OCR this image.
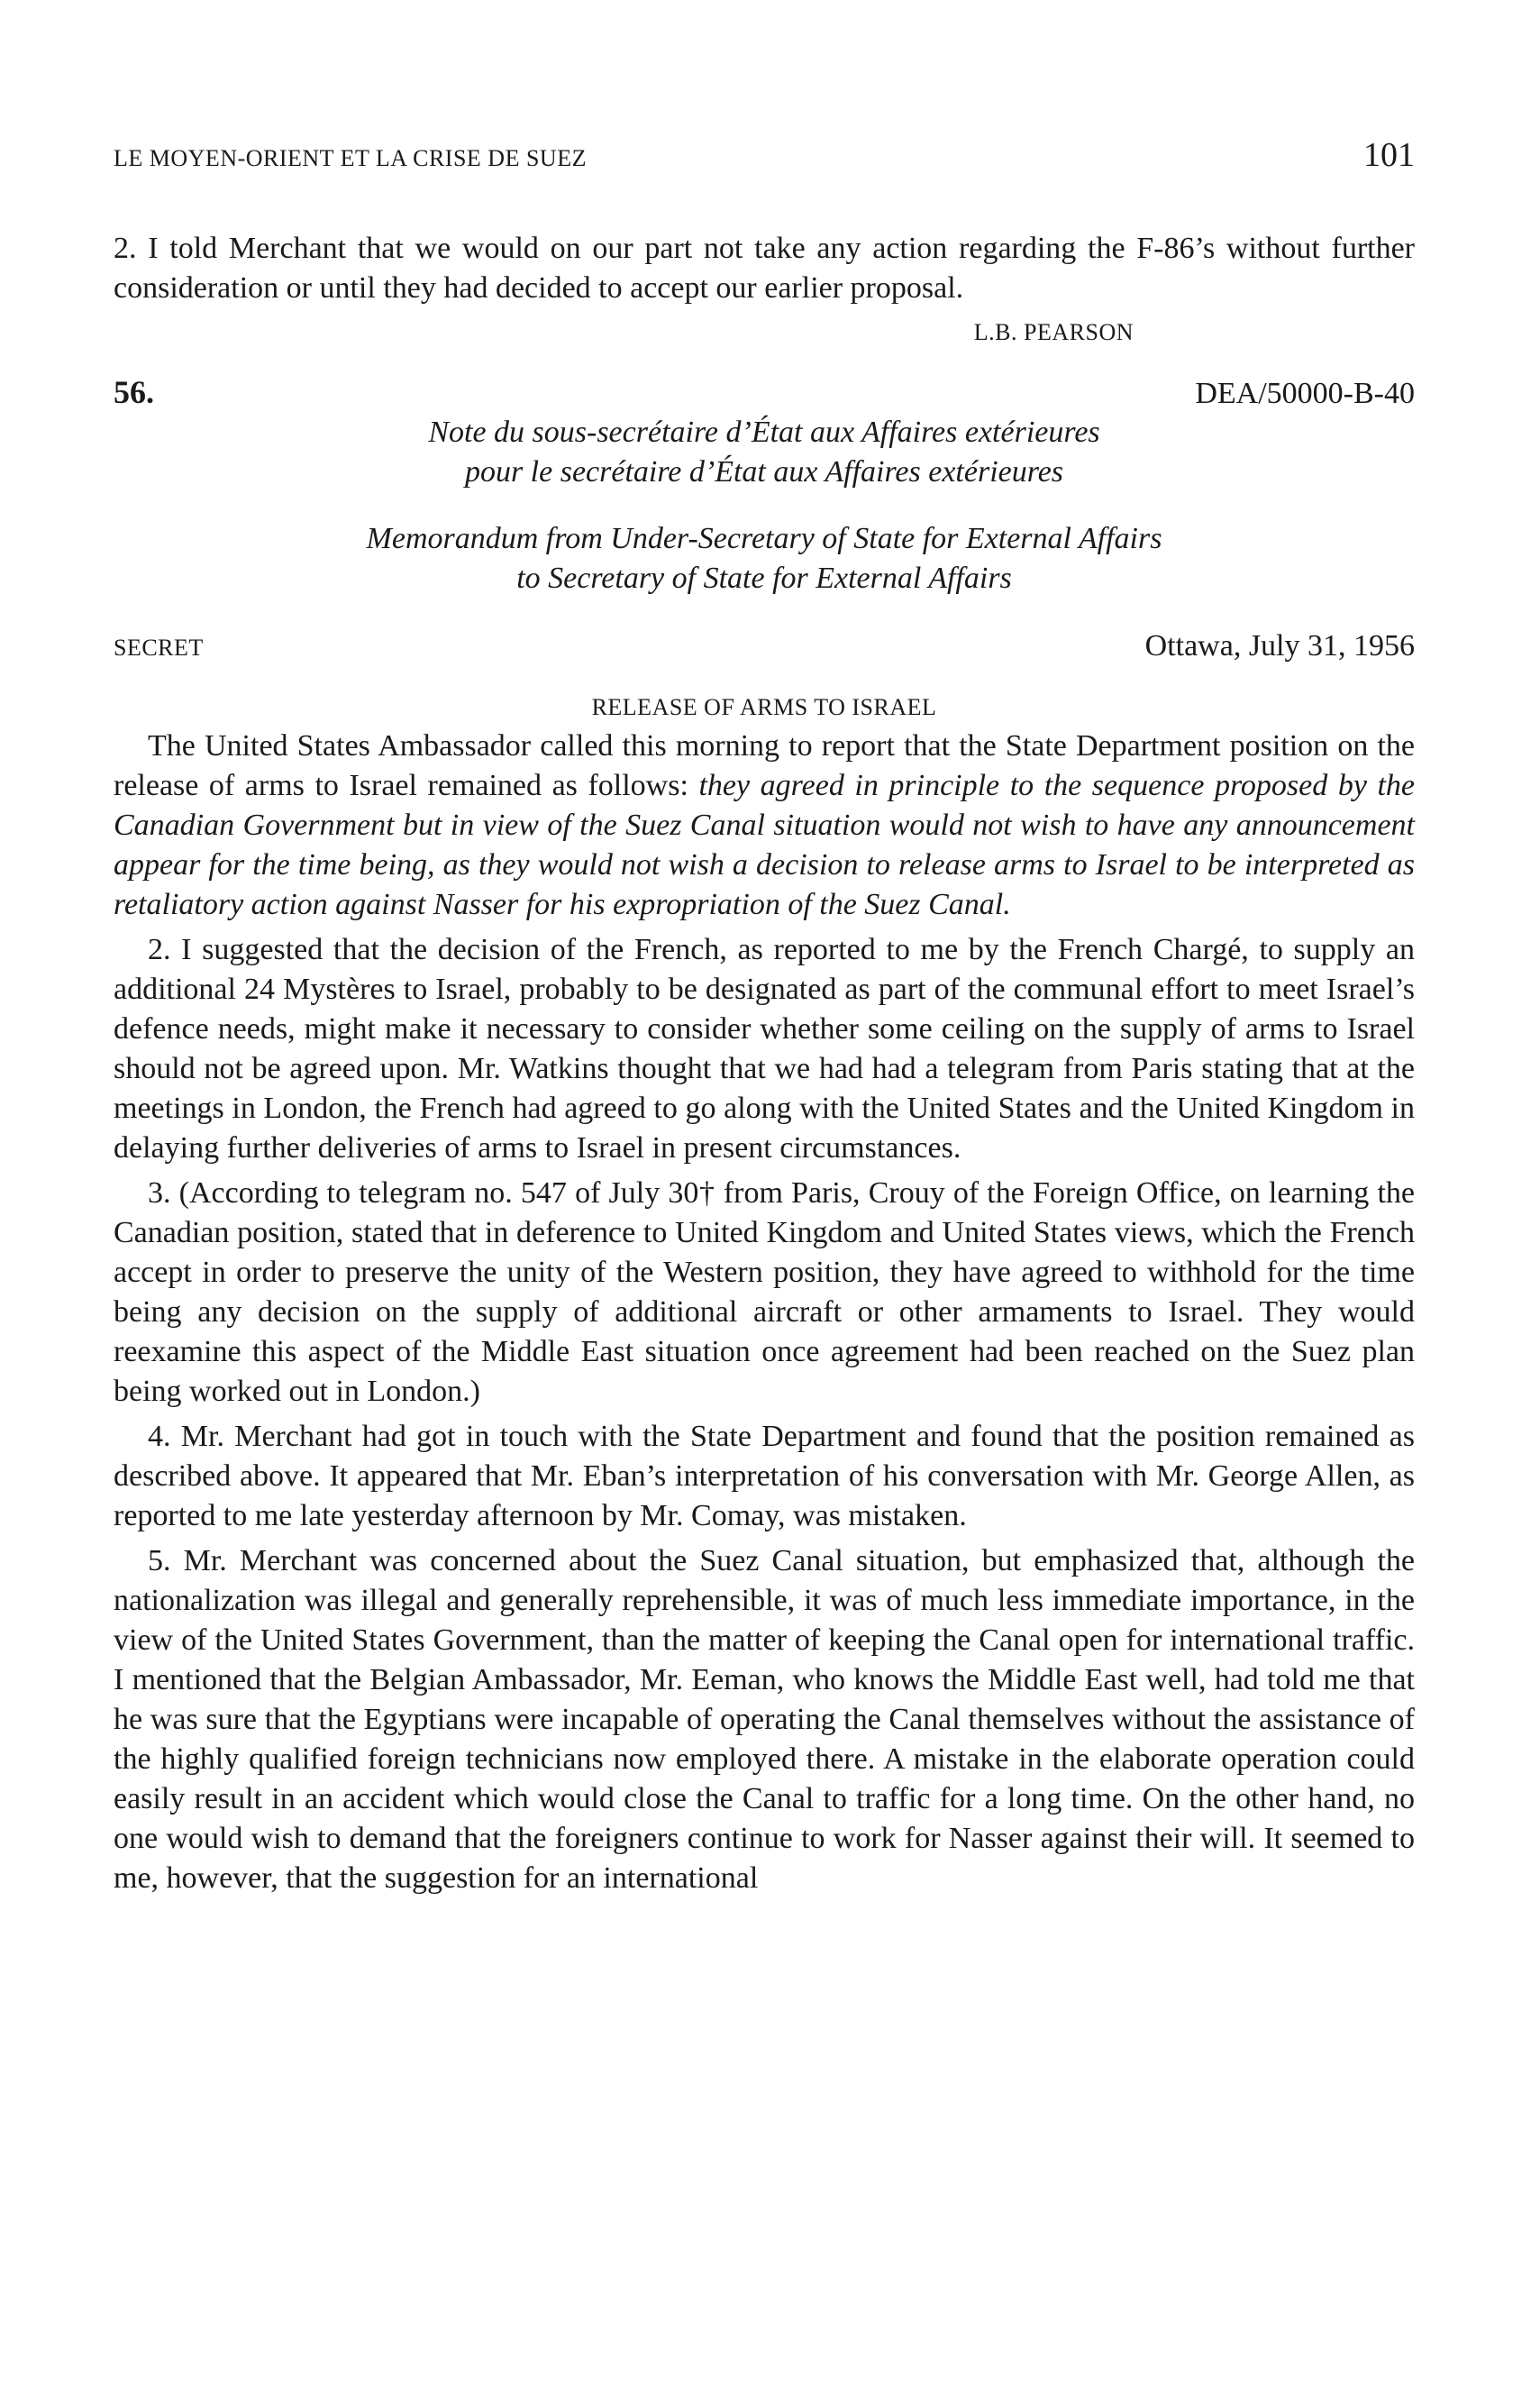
LE MOYEN-ORIENT ET LA CRISE DE SUEZ	101

2. I told Merchant that we would on our part not take any action regarding the F-86’s without further consideration or until they had decided to accept our earlier proposal.

L.B. PEARSON
56.	DEA/50000-B-40
Note du sous-secrétaire d’État aux Affaires extérieures
pour le secrétaire d’État aux Affaires extérieures
Memorandum from Under-Secretary of State for External Affairs
to Secretary of State for External Affairs
SECRET	Ottawa, July 31, 1956
RELEASE OF ARMS TO ISRAEL

The United States Ambassador called this morning to report that the State Department position on the release of arms to Israel remained as follows: they agreed in principle to the sequence proposed by the Canadian Government but in view of the Suez Canal situation would not wish to have any announcement appear for the time being, as they would not wish a decision to release arms to Israel to be interpreted as retaliatory action against Nasser for his expropriation of the Suez Canal.

2. I suggested that the decision of the French, as reported to me by the French Chargé, to supply an additional 24 Mystères to Israel, probably to be designated as part of the communal effort to meet Israel’s defence needs, might make it necessary to consider whether some ceiling on the supply of arms to Israel should not be agreed upon. Mr. Watkins thought that we had had a telegram from Paris stating that at the meetings in London, the French had agreed to go along with the United States and the United Kingdom in delaying further deliveries of arms to Israel in present circumstances.

3. (According to telegram no. 547 of July 30† from Paris, Crouy of the Foreign Office, on learning the Canadian position, stated that in deference to United Kingdom and United States views, which the French accept in order to preserve the unity of the Western position, they have agreed to withhold for the time being any decision on the supply of additional aircraft or other armaments to Israel. They would reexamine this aspect of the Middle East situation once agreement had been reached on the Suez plan being worked out in London.)

4. Mr. Merchant had got in touch with the State Department and found that the position remained as described above. It appeared that Mr. Eban’s interpretation of his conversation with Mr. George Allen, as reported to me late yesterday afternoon by Mr. Comay, was mistaken.

5. Mr. Merchant was concerned about the Suez Canal situation, but emphasized that, although the nationalization was illegal and generally reprehensible, it was of much less immediate importance, in the view of the United States Government, than the matter of keeping the Canal open for international traffic. I mentioned that the Belgian Ambassador, Mr. Eeman, who knows the Middle East well, had told me that he was sure that the Egyptians were incapable of operating the Canal themselves without the assistance of the highly qualified foreign technicians now employed there. A mistake in the elaborate operation could easily result in an accident which would close the Canal to traffic for a long time. On the other hand, no one would wish to demand that the foreigners continue to work for Nasser against their will. It seemed to me, however, that the suggestion for an international
